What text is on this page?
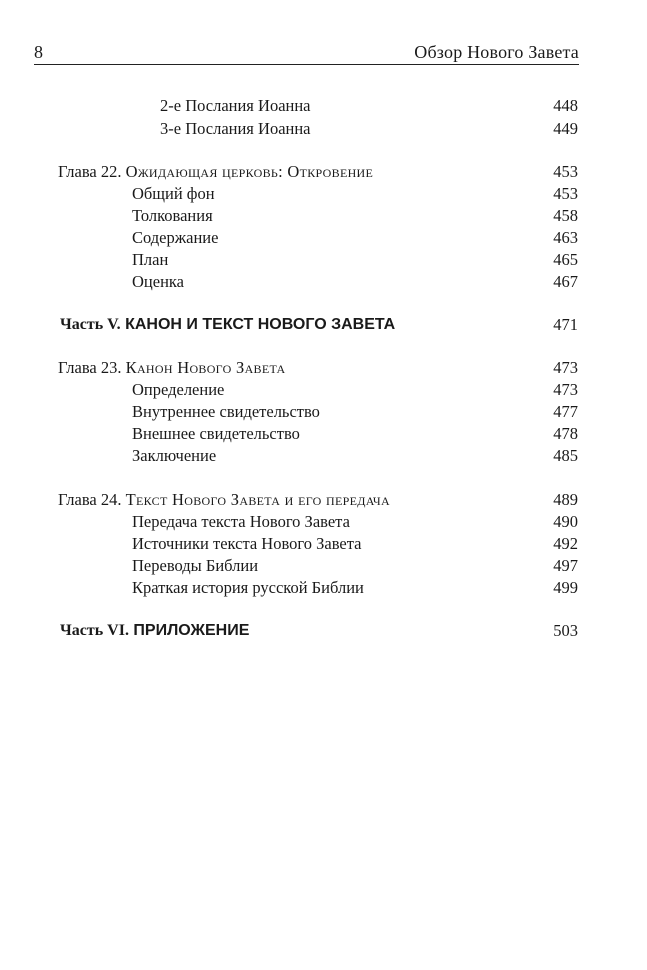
8	Обзор Нового Завета
2-е Послания Иоанна	448
3-е Послания Иоанна	449
Глава 22. Ожидающая церковь: Откровение	453
Общий фон	453
Толкования	458
Содержание	463
План	465
Оценка	467
Часть V. КАНОН И ТЕКСТ НОВОГО ЗАВЕТА	471
Глава 23. Канон Нового Завета	473
Определение	473
Внутреннее свидетельство	477
Внешнее свидетельство	478
Заключение	485
Глава 24. Текст Нового Завета и его передача	489
Передача текста Нового Завета	490
Источники текста Нового Завета	492
Переводы Библии	497
Краткая история русской Библии	499
Часть VI. ПРИЛОЖЕНИЕ	503
